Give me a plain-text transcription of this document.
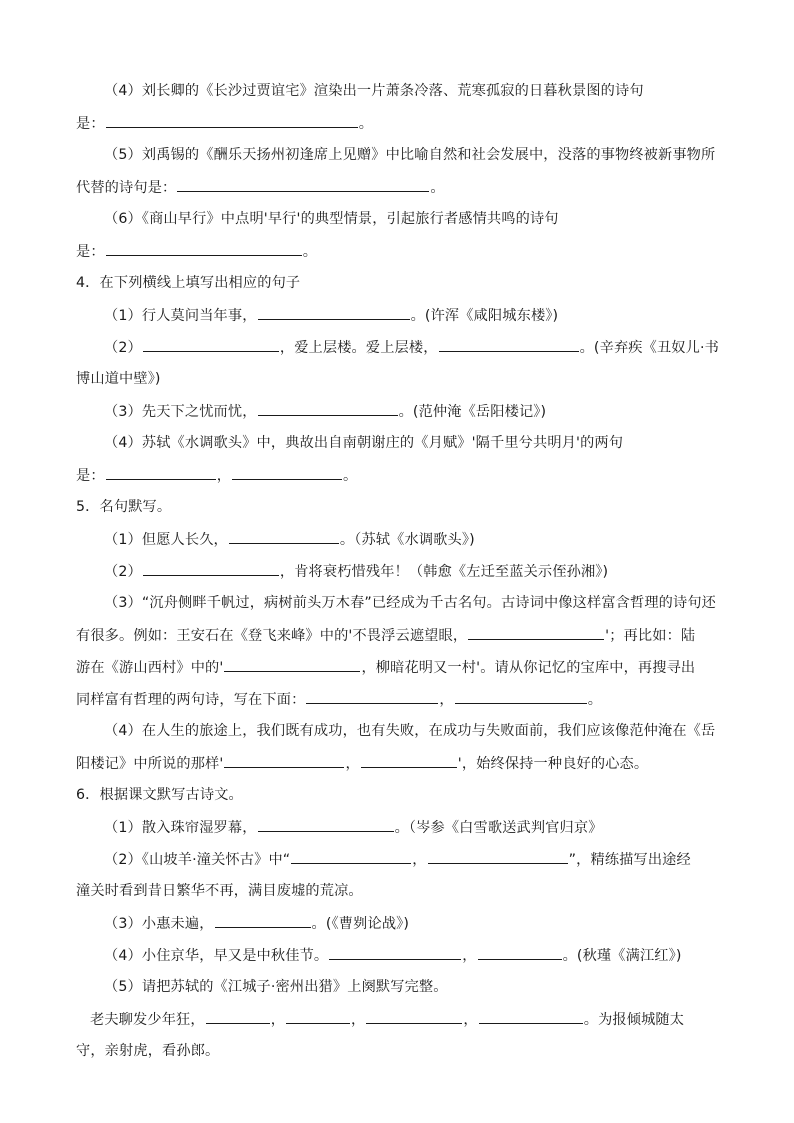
（4）刘长卿的《长沙过贾谊宅》渲染出一片萧条冷落、荒寒孤寂的日暮秋景图的诗句
是：	。
（5）刘禹锡的《酬乐天扬州初逢席上见赠》中比喻自然和社会发展中，没落的事物终被新事物所
代替的诗句是：	。
（6）《商山早行》中点明'早行'的典型情景，引起旅行者感情共鸣的诗句
是：	。
4．在下列横线上填写出相应的句子
（1）行人莫问当年事，	。(许浑《咸阳城东楼》)
（2）	，爱上层楼。爱上层楼，	。(辛弃疾《丑奴儿·书
博山道中壁》)
（3）先天下之忧而忧，	。(范仲淹《岳阳楼记》)
（4）苏轼《水调歌头》中，典故出自南朝谢庄的《月赋》'隔千里兮共明月'的两句
是：	，	。
5．名句默写。
（1）但愿人长久，	。（苏轼《水调歌头》)
（2）	，肯将衰朽惜残年！（韩愈《左迁至蓝关示侄孙湘》)
（3）“沉舟侧畔千帆过，病树前头万木春”已经成为千古名句。古诗词中像这样富含哲理的诗句还
有很多。例如：王安石在《登飞来峰》中的'不畏浮云遮望眼，	'；再比如：陆
游在《游山西村》中的'	，柳暗花明又一村'。请从你记忆的宝库中，再搜寻出
同样富有哲理的两句诗，写在下面：	，	。
（4）在人生的旅途上，我们既有成功，也有失败，在成功与失败面前，我们应该像范仲淹在《岳
阳楼记》中所说的那样'	，	'，始终保持一种良好的心态。
6．根据课文默写古诗文。
（1）散入珠帘湿罗幕，	。（岑参《白雪歌送武判官归京》
（2）《山坡羊·潼关怀古》中“	，	”，精练描写出途经
潼关时看到昔日繁华不再，满目废墟的荒凉。
（3）小惠未遍，	。(《曹刿论战》)
（4）小住京华，早又是中秋佳节。	，	。(秋瑾《满江红》)
（5）请把苏轼的《江城子·密州出猎》上阕默写完整。
老夫聊发少年狂，	，	，	，	。为报倾城随太
守，亲射虎，看孙郎。
